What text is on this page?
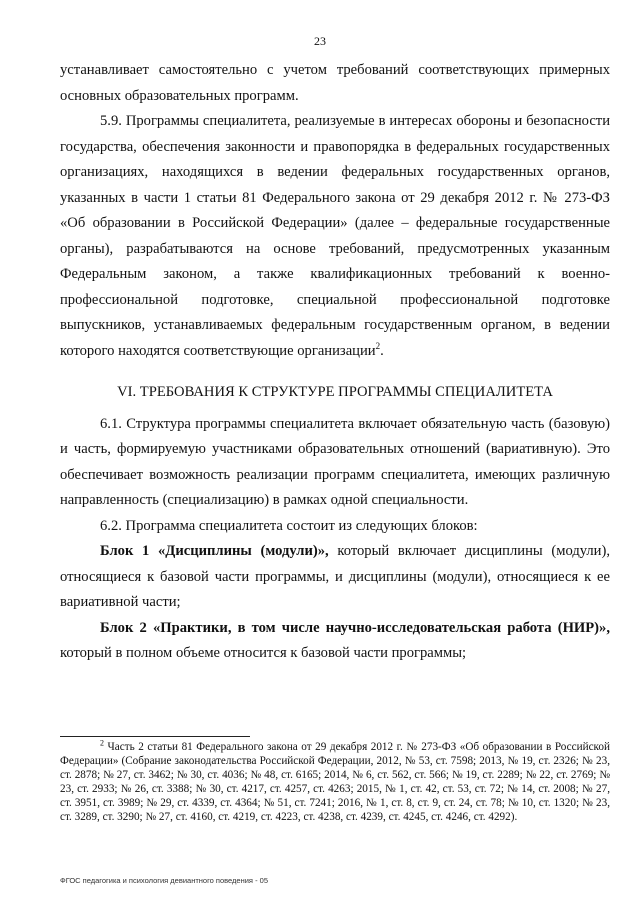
23

устанавливает самостоятельно с учетом требований соответствующих примерных основных образовательных программ.

5.9. Программы специалитета, реализуемые в интересах обороны и безопасности государства, обеспечения законности и правопорядка в федеральных государственных организациях, находящихся в ведении федеральных государственных органов, указанных в части 1 статьи 81 Федерального закона от 29 декабря 2012 г. № 273-ФЗ «Об образовании в Российской Федерации» (далее – федеральные государственные органы), разрабатываются на основе требований, предусмотренных указанным Федеральным законом, а также квалификационных требований к военно-профессиональной подготовке, специальной профессиональной подготовке выпускников, устанавливаемых федеральным государственным органом, в ведении которого находятся соответствующие организации$^2$.

VI. ТРЕБОВАНИЯ К СТРУКТУРЕ ПРОГРАММЫ СПЕЦИАЛИТЕТА

6.1. Структура программы специалитета включает обязательную часть (базовую) и часть, формируемую участниками образовательных отношений (вариативную). Это обеспечивает возможность реализации программ специалитета, имеющих различную направленность (специализацию) в рамках одной специальности.

6.2. Программа специалитета состоит из следующих блоков:

Блок 1 «Дисциплины (модули)», который включает дисциплины (модули), относящиеся к базовой части программы, и дисциплины (модули), относящиеся к ее вариативной части;

Блок 2 «Практики, в том числе научно-исследовательская работа (НИР)», который в полном объеме относится к базовой части программы;

$^2$ Часть 2 статьи 81 Федерального закона от 29 декабря 2012 г. № 273-ФЗ «Об образовании в Российской Федерации» (Собрание законодательства Российской Федерации, 2012, № 53, ст. 7598; 2013, № 19, ст. 2326; № 23, ст. 2878; № 27, ст. 3462; № 30, ст. 4036; № 48, ст. 6165; 2014, № 6, ст. 562, ст. 566; № 19, ст. 2289; № 22, ст. 2769; № 23, ст. 2933; № 26, ст. 3388; № 30, ст. 4217, ст. 4257, ст. 4263; 2015, № 1, ст. 42, ст. 53, ст. 72; № 14, ст. 2008; № 27, ст. 3951, ст. 3989; № 29, ст. 4339, ст. 4364; № 51, ст. 7241; 2016, № 1, ст. 8, ст. 9, ст. 24, ст. 78; № 10, ст. 1320; № 23, ст. 3289, ст. 3290; № 27, ст. 4160, ст. 4219, ст. 4223, ст. 4238, ст. 4239, ст. 4245, ст. 4246, ст. 4292).

ФГОС педагогика и психология девиантного поведения - 05
